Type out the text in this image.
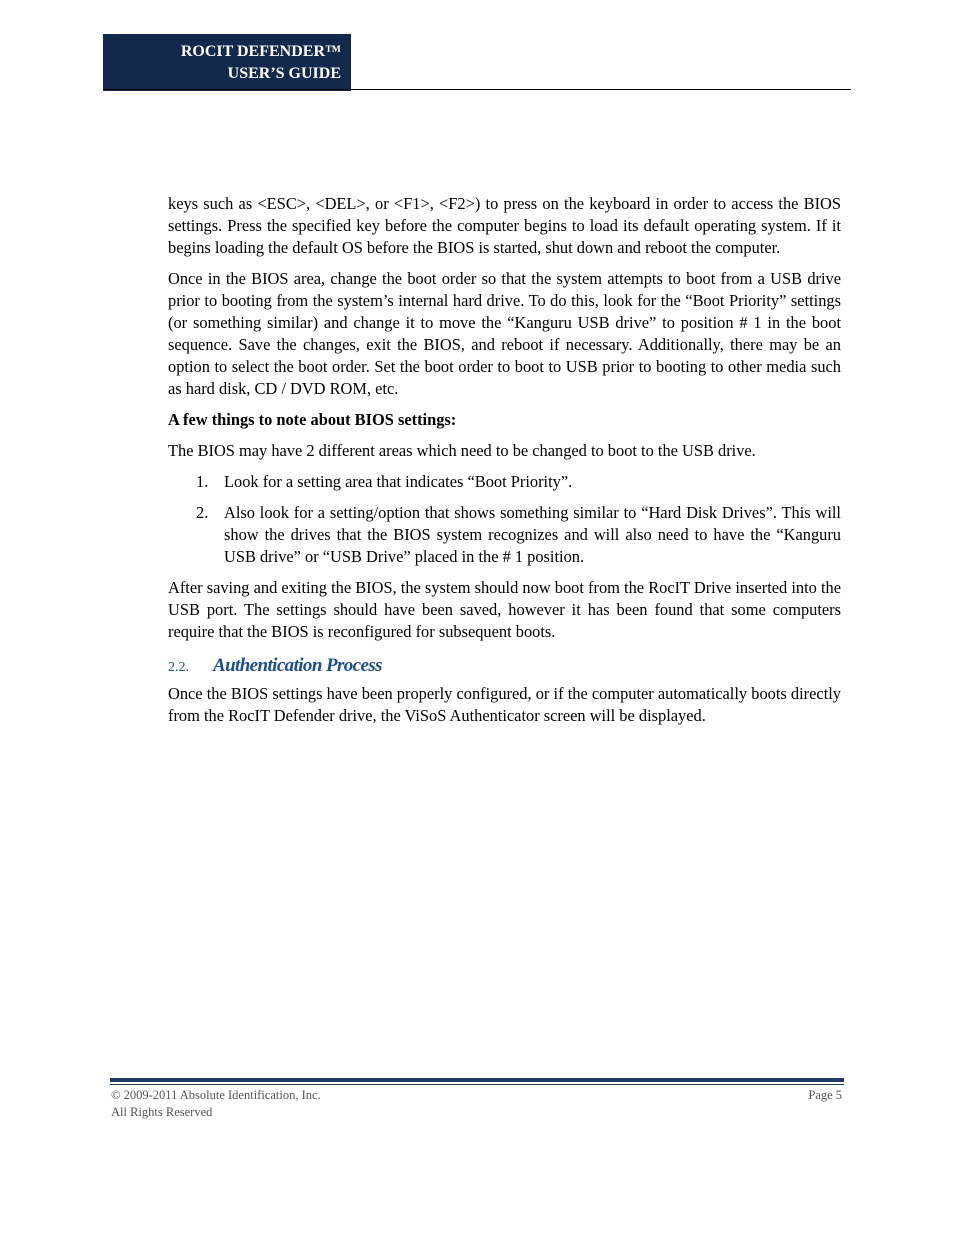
ROCIT DEFENDER™
USER’S GUIDE

keys such as <ESC>, <DEL>, or <F1>, <F2>) to press on the keyboard in order to access the BIOS settings. Press the specified key before the computer begins to load its default operating system. If it begins loading the default OS before the BIOS is started, shut down and reboot the computer.

Once in the BIOS area, change the boot order so that the system attempts to boot from a USB drive prior to booting from the system’s internal hard drive. To do this, look for the “Boot Priority” settings (or something similar) and change it to move the “Kanguru USB drive” to position # 1 in the boot sequence. Save the changes, exit the BIOS, and reboot if necessary. Additionally, there may be an option to select the boot order. Set the boot order to boot to USB prior to booting to other media such as hard disk, CD / DVD ROM, etc.

A few things to note about BIOS settings:

The BIOS may have 2 different areas which need to be changed to boot to the USB drive.

1. Look for a setting area that indicates “Boot Priority”.
2. Also look for a setting/option that shows something similar to “Hard Disk Drives”. This will show the drives that the BIOS system recognizes and will also need to have the “Kanguru USB drive” or “USB Drive” placed in the # 1 position.

After saving and exiting the BIOS, the system should now boot from the RocIT Drive inserted into the USB port. The settings should have been saved, however it has been found that some computers require that the BIOS is reconfigured for subsequent boots.

2.2.	Authentication Process

Once the BIOS settings have been properly configured, or if the computer automatically boots directly from the RocIT Defender drive, the ViSoS Authenticator screen will be displayed.

© 2009-2011 Absolute Identification, Inc.
All Rights Reserved
Page 5
